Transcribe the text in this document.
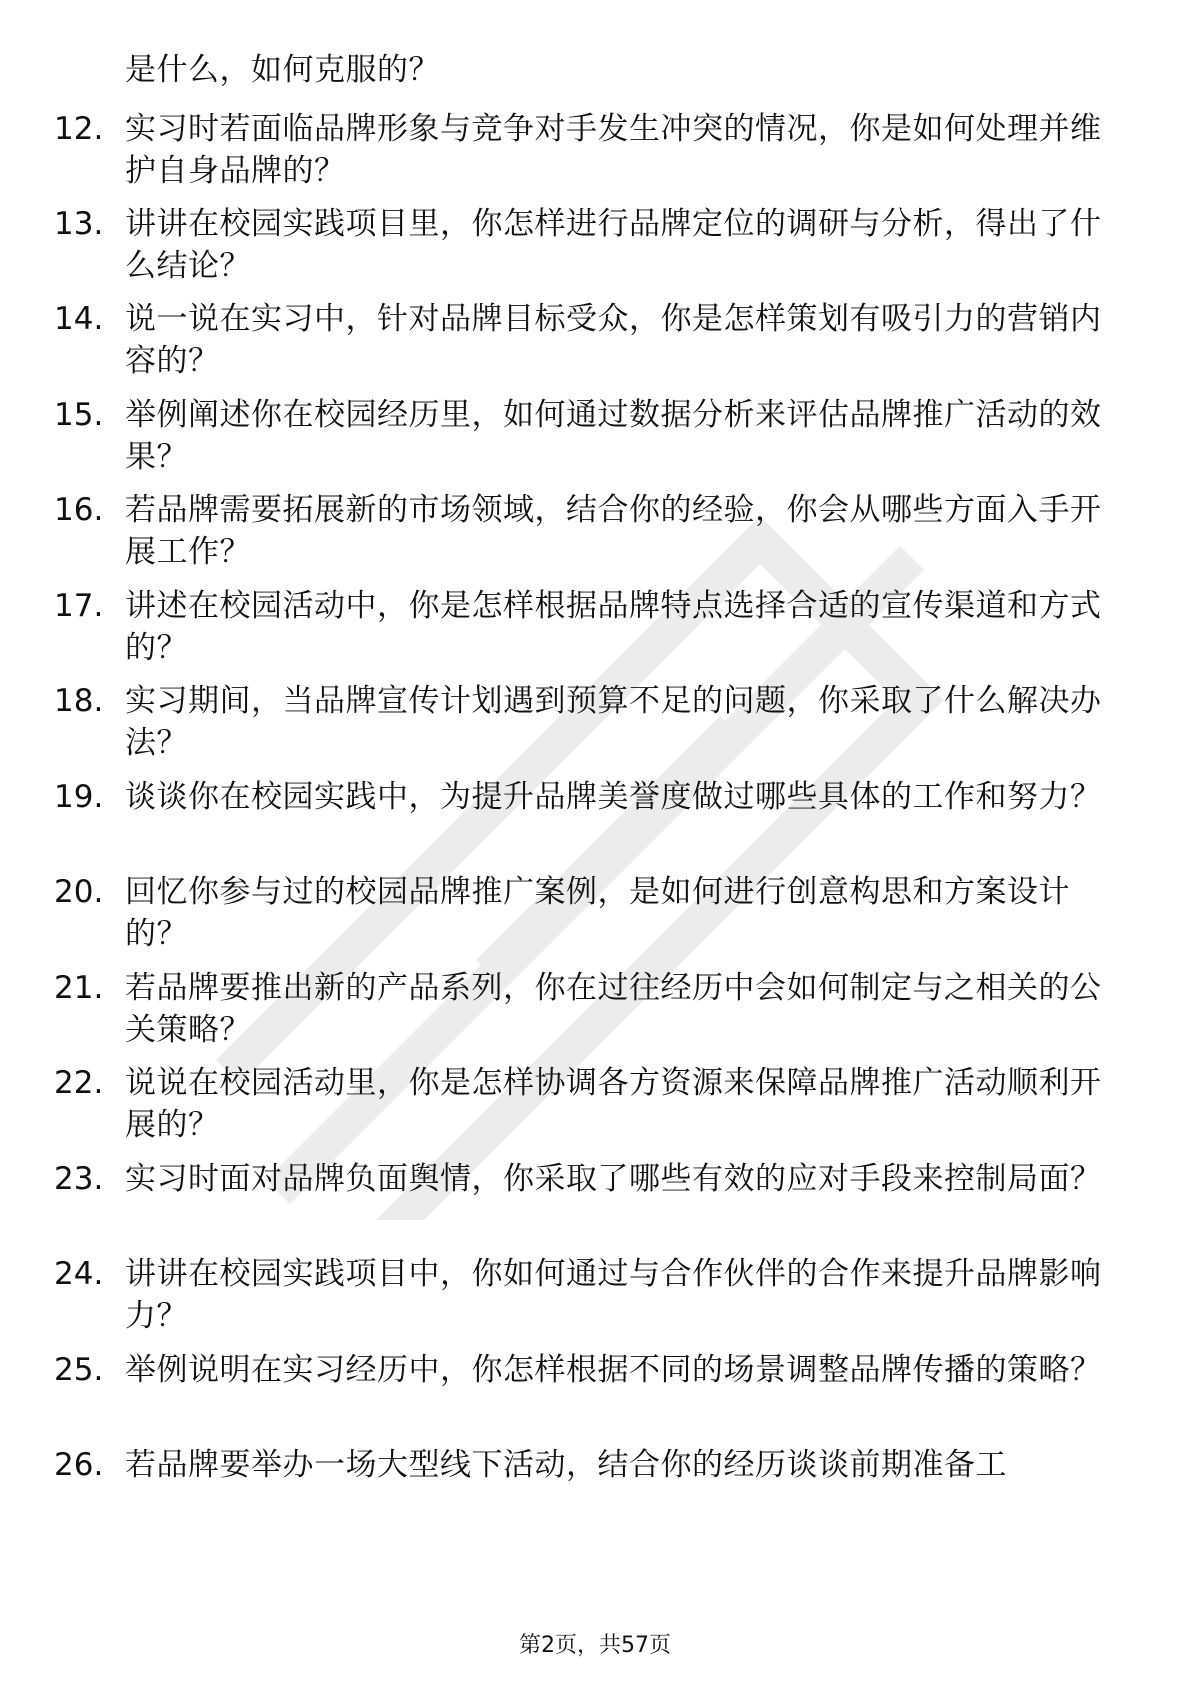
是什么，如何克服的？
12. 实习时若面临品牌形象与竞争对手发生冲突的情况，你是如何处理并维护自身品牌的？
13. 讲讲在校园实践项目里，你怎样进行品牌定位的调研与分析，得出了什么结论？
14. 说一说在实习中，针对品牌目标受众，你是怎样策划有吸引力的营销内容的？
15. 举例阐述你在校园经历里，如何通过数据分析来评估品牌推广活动的效果？
16. 若品牌需要拓展新的市场领域，结合你的经验，你会从哪些方面入手开展工作？
17. 讲述在校园活动中，你是怎样根据品牌特点选择合适的宣传渠道和方式的？
18. 实习期间，当品牌宣传计划遇到预算不足的问题，你采取了什么解决办法？
19. 谈谈你在校园实践中，为提升品牌美誉度做过哪些具体的工作和努力？
20. 回忆你参与过的校园品牌推广案例，是如何进行创意构思和方案设计的？
21. 若品牌要推出新的产品系列，你在过往经历中会如何制定与之相关的公关策略？
22. 说说在校园活动里，你是怎样协调各方资源来保障品牌推广活动顺利开展的？
23. 实习时面对品牌负面舆情，你采取了哪些有效的应对手段来控制局面？
24. 讲讲在校园实践项目中，你如何通过与合作伙伴的合作来提升品牌影响力？
25. 举例说明在实习经历中，你怎样根据不同的场景调整品牌传播的策略？
26. 若品牌要举办一场大型线下活动，结合你的经历谈谈前期准备工
第2页，共57页
